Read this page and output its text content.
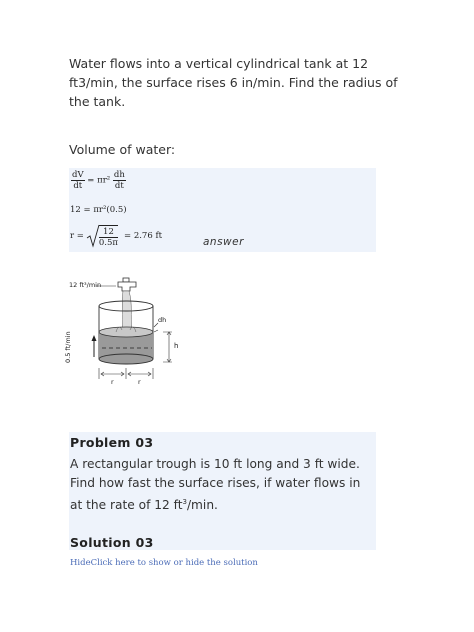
Water flows into a vertical cylindrical tank at 12 ft3/min, the surface rises 6 in/min. Find the radius of the tank.
Volume of water:
$\frac{dV}{dt} = \pi r^2 \frac{dh}{dt}$
12 = πr²(0.5)
$r = \frac{12}{0.5\pi} = 2.76$ ft	answer
12 ft³/min
dh
h
0.5 ft/min
r	r
Problem 03
A rectangular trough is 10 ft long and 3 ft wide. Find how fast the surface rises, if water flows in at the rate of 12 $ft^3/\min$.
Solution 03
HideClick here to show or hide the solution
